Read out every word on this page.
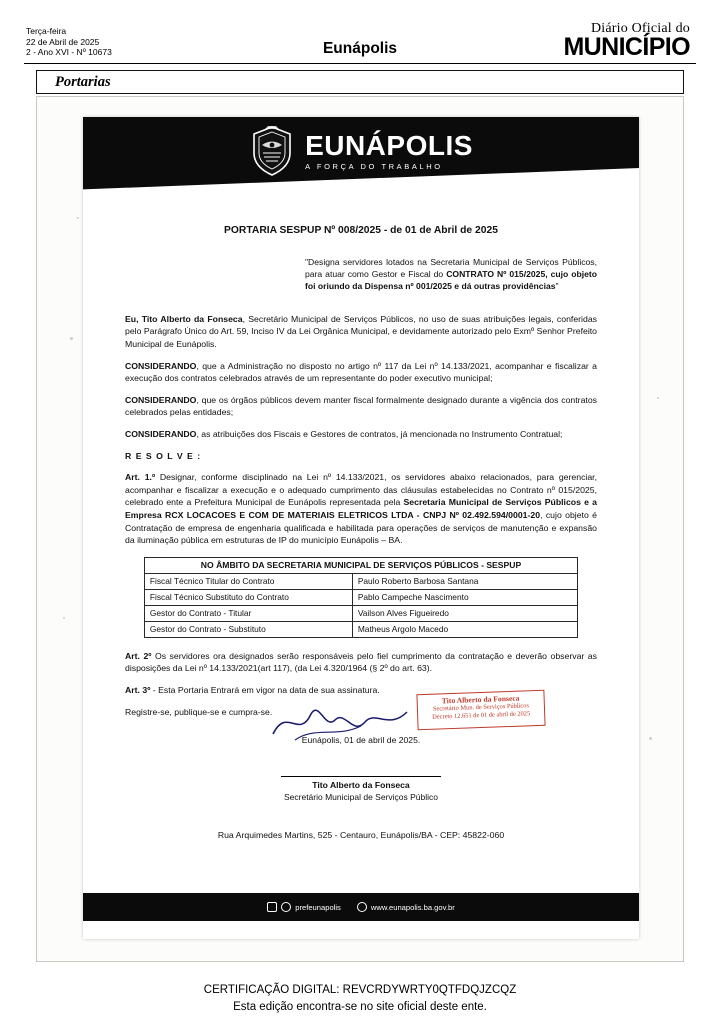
Terça-feira
22 de Abril de 2025
2 - Ano XVI - Nº 10673	Eunápolis
Diário Oficial do
MUNICÍPIO
Portarias
EUNÁPOLIS
A FORÇA DO TRABALHO
PORTARIA SESPUP Nº 008/2025 - de 01 de Abril de 2025
"Designa servidores lotados na Secretaria Municipal de Serviços Públicos, para atuar como Gestor e Fiscal do CONTRATO Nº 015/2025, cujo objeto foi oriundo da Dispensa nº 001/2025 e dá outras providências"

Eu, Tito Alberto da Fonseca, Secretário Municipal de Serviços Públicos, no uso de suas atribuições legais, conferidas pelo Parágrafo Único do Art. 59, Inciso IV da Lei Orgânica Municipal, e devidamente autorizado pelo Exmº Senhor Prefeito Municipal de Eunápolis.

CONSIDERANDO, que a Administração no disposto no artigo nº 117 da Lei nº 14.133/2021, acompanhar e fiscalizar a execução dos contratos celebrados através de um representante do poder executivo municipal;

CONSIDERANDO, que os órgãos públicos devem manter fiscal formalmente designado durante a vigência dos contratos celebrados pelas entidades;

CONSIDERANDO, as atribuições dos Fiscais e Gestores de contratos, já mencionada no Instrumento Contratual;

R E S O L V E :

Art. 1.º Designar, conforme disciplinado na Lei nº 14.133/2021, os servidores abaixo relacionados, para gerenciar, acompanhar e fiscalizar a execução e o adequado cumprimento das cláusulas estabelecidas no Contrato nº 015/2025, celebrado ente a Prefeitura Municipal de Eunápolis representada pela Secretaria Municipal de Serviços Públicos e a Empresa RCX LOCACOES E COM DE MATERIAIS ELETRICOS LTDA - CNPJ Nº 02.492.594/0001-20, cujo objeto é Contratação de empresa de engenharia qualificada e habilitada para operações de serviços de manutenção e expansão da iluminação pública em estruturas de IP do município Eunápolis – BA.

NO ÂMBITO DA SECRETARIA MUNICIPAL DE SERVIÇOS PÚBLICOS - SESPUP	
Fiscal Técnico Titular do Contrato	Paulo Roberto Barbosa Santana
Fiscal Técnico Substituto do Contrato	Pablo Campeche Nascimento
Gestor do Contrato - Titular	Vailson Alves Figueiredo
Gestor do Contrato - Substituto	Matheus Argolo Macedo

Art. 2º Os servidores ora designados serão responsáveis pelo fiel cumprimento da contratação e deverão observar as disposições da Lei nº 14.133/2021(art 117), (da Lei 4.320/1964 (§ 2º do art. 63).

Art. 3º - Esta Portaria Entrará em vigor na data de sua assinatura.

Registre-se, publique-se e cumpra-se.

Eunápolis, 01 de abril de 2025.
Tito Alberto da Fonseca
Secretário Mun. de Serviços Públicos
Decreto 12.651 de 01 de abril de 2025
Tito Alberto da Fonseca
Secretário Municipal de Serviços Público
Rua Arquimedes Martins, 525 - Centauro, Eunápolis/BA - CEP: 45822-060
prefeunapolis	www.eunapolis.ba.gov.br
CERTIFICAÇÃO DIGITAL: REVCRDYWRTY0QTFDQJZCQZ
Esta edição encontra-se no site oficial deste ente.
